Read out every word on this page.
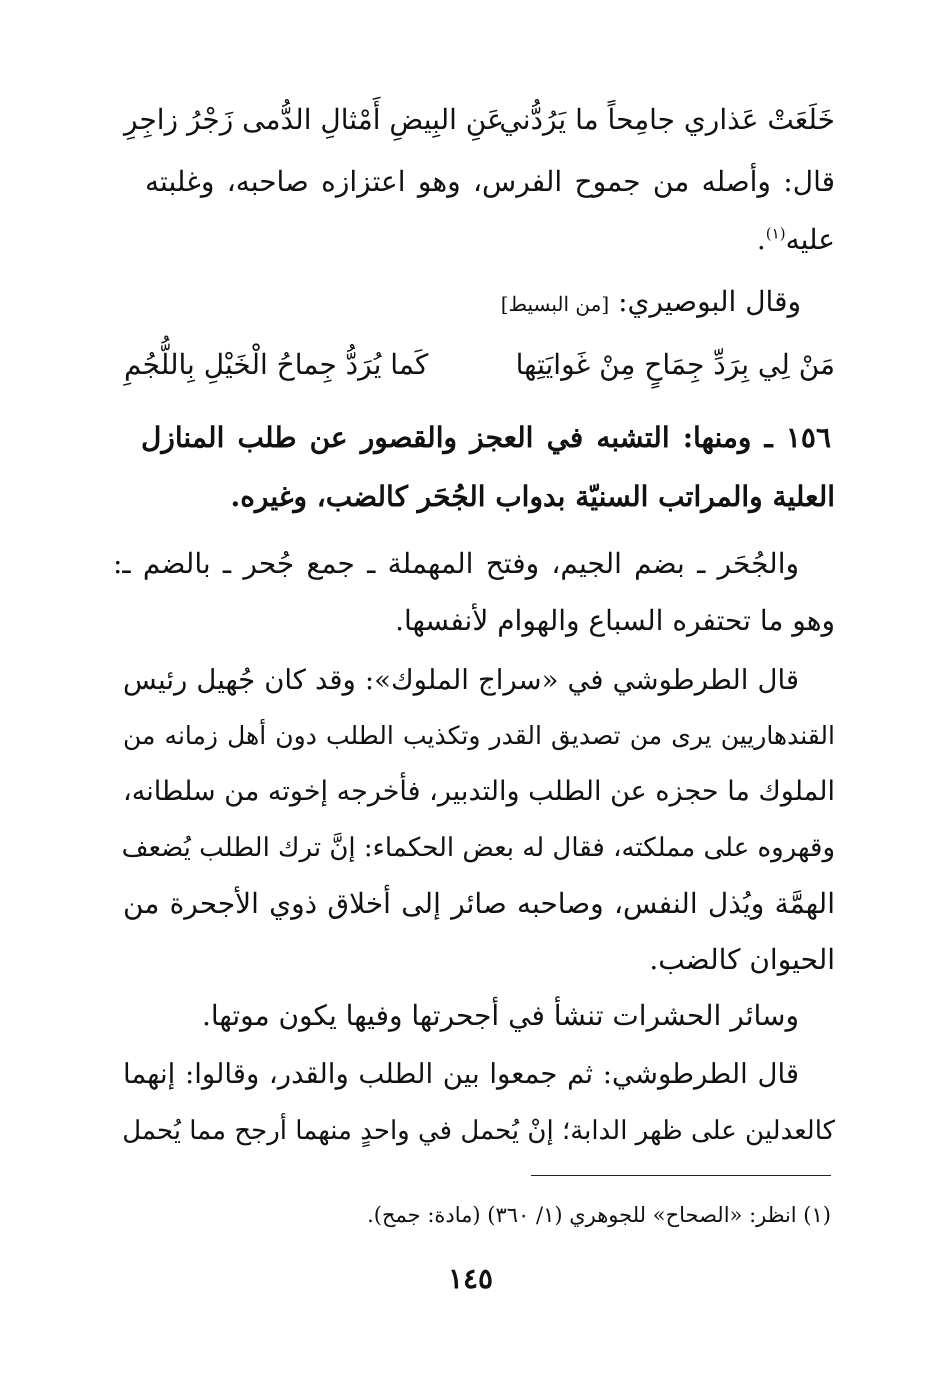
خَلَعَتْ عَذاري جامِحاً ما يَرُدُّني
عَنِ البِيضِ أَمْثالِ الدُّمى زَجْرُ زاجِرِ
قال: وأصله من جموح الفرس، وهو اعتزازه صاحبه، وغلبته
عليه$^{(١)}$.
وقال البوصيري: [من البسيط]
مَنْ لِي بِرَدِّ جِمَاحٍ مِنْ غَوايَتِها
كَما يُرَدُّ جِماحُ الْخَيْلِ بِاللُّجُمِ
١٥٦ ـ ومنها: التشبه في العجز والقصور عن طلب المنازل
العلية والمراتب السنيّة بدواب الجُحَر كالضب، وغيره.
والجُحَر ـ بضم الجيم، وفتح المهملة ـ جمع جُحر ـ بالضم ـ:
وهو ما تحتفره السباع والهوام لأنفسها.
قال الطرطوشي في «سراج الملوك»: وقد كان جُهيل رئيس
القندهاريين يرى من تصديق القدر وتكذيب الطلب دون أهل زمانه من
الملوك ما حجزه عن الطلب والتدبير، فأخرجه إخوته من سلطانه،
وقهروه على مملكته، فقال له بعض الحكماء: إنَّ ترك الطلب يُضعف
الهمَّة ويُذل النفس، وصاحبه صائر إلى أخلاق ذوي الأجحرة من
الحيوان كالضب.
وسائر الحشرات تنشأ في أجحرتها وفيها يكون موتها.
قال الطرطوشي: ثم جمعوا بين الطلب والقدر، وقالوا: إنهما
كالعدلين على ظهر الدابة؛ إنْ يُحمل في واحدٍ منهما أرجح مما يُحمل
(١) انظر: «الصحاح» للجوهري (١/ ٣٦٠) (مادة: جمح).
١٤٥
